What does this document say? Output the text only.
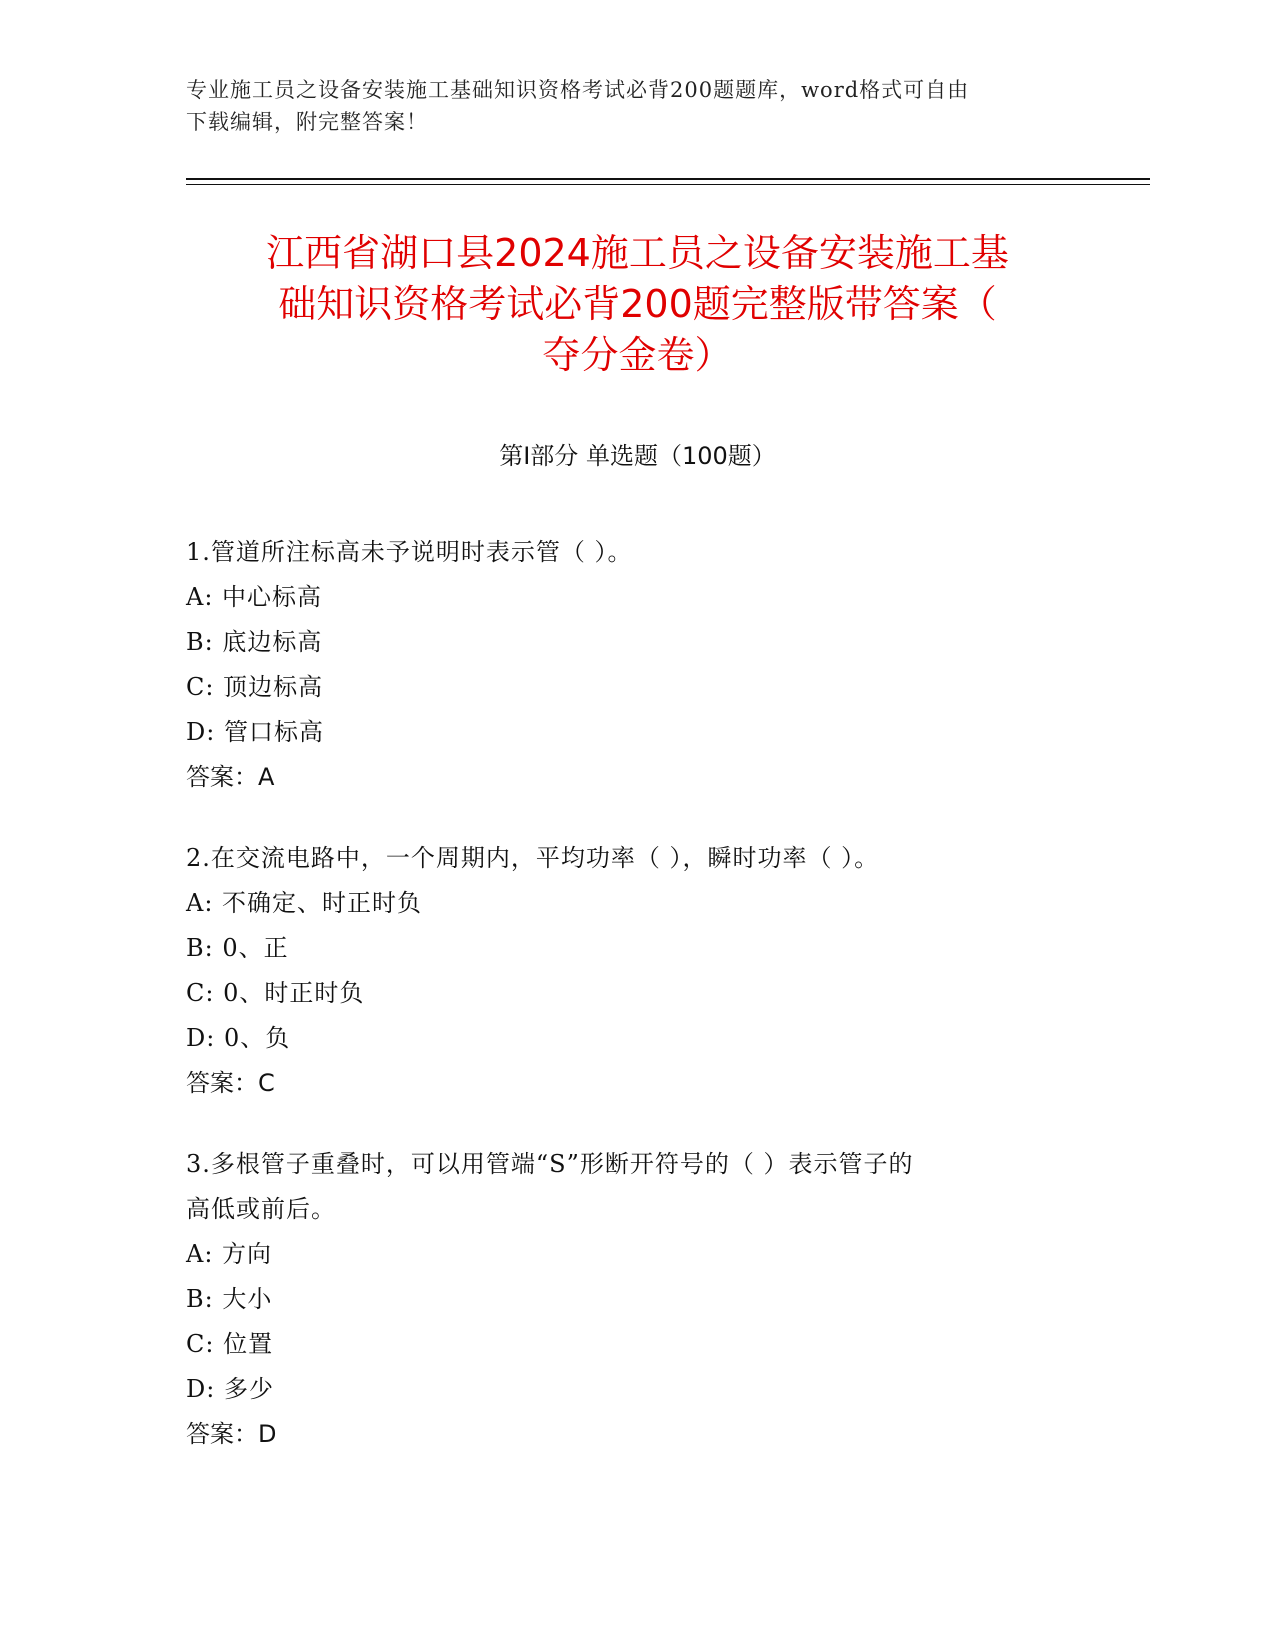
专业施工员之设备安装施工基础知识资格考试必背200题题库，word格式可自由
下载编辑，附完整答案！
江西省湖口县2024施工员之设备安装施工基
础知识资格考试必背200题完整版带答案（
夺分金卷）
第I部分 单选题（100题）
1.管道所注标高未予说明时表示管（ ）。
A: 中心标高
B: 底边标高
C: 顶边标高
D: 管口标高
答案：A
2.在交流电路中，一个周期内，平均功率（ ），瞬时功率（ ）。
A: 不确定、时正时负
B: 0、正
C: 0、时正时负
D: 0、负
答案：C
3.多根管子重叠时，可以用管端“S”形断开符号的（ ）表示管子的
高低或前后。
A: 方向
B: 大小
C: 位置
D: 多少
答案：D
